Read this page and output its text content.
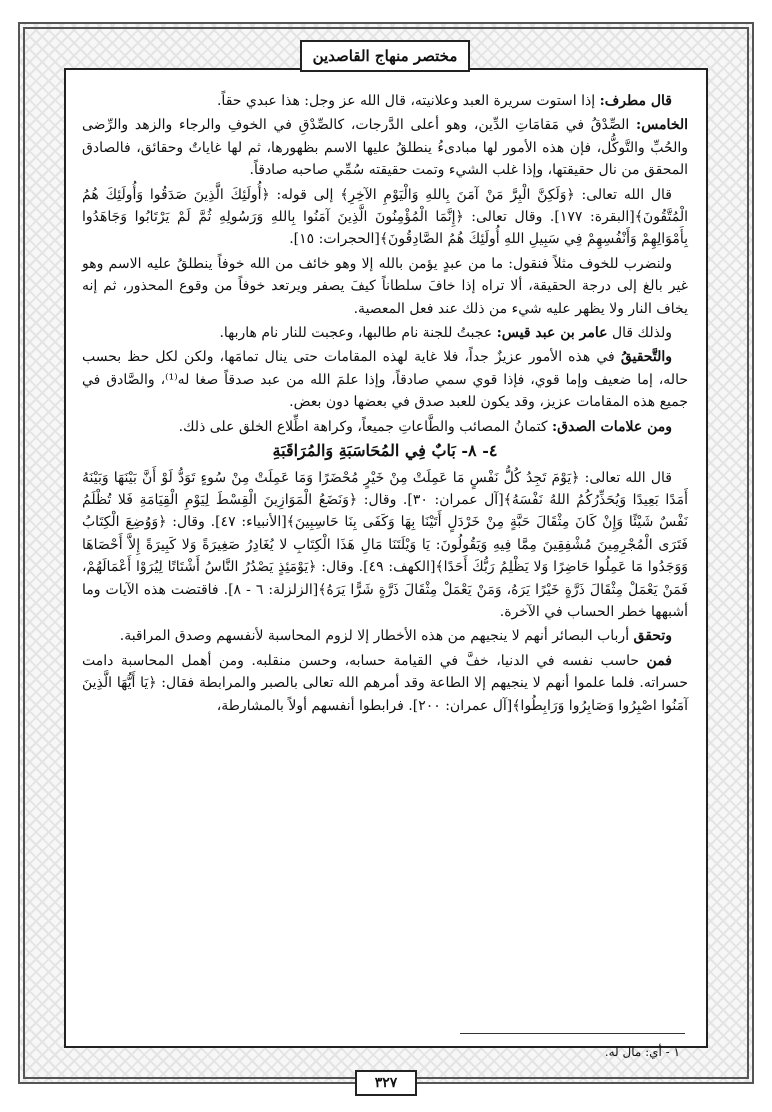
مختصر منهاج القاصدين

قال مطرف: إذا استوت سريرة العبد وعلانيته، قال الله عز وجل: هذا عبدي حقاً.

الخامس: الصِّدْقُ في مَقامَاتِ الدِّين، وهو أعلى الدَّرجات، كالصِّدْقِ في الخوفِ والرجاء والزهد والرِّضى والحُبِّ والتَّوكُّل، فإن هذه الأمور لها مبادىءُ ينطلقُ عليها الاسم بظهورها، ثم لها غاياتٌ وحقائق، فالصادق المحقق من نال حقيقتها، وإذا غلب الشيء وتمت حقيقته سُمِّي صاحبه صادقاً.

قال الله تعالى: ﴿وَلَكِنَّ الْبِرَّ مَنْ آمَنَ بِاللهِ وَالْيَوْمِ الآخِرِ﴾ إلى قوله: ﴿أُولَئِكَ الَّذِينَ صَدَقُوا وَأُولَئِكَ هُمُ الْمُتَّقُونَ﴾[البقرة: ١٧٧]. وقال تعالى: ﴿إِنَّمَا الْمُؤْمِنُونَ الَّذِينَ آمَنُوا بِاللهِ وَرَسُولِهِ ثُمَّ لَمْ يَرْتَابُوا وَجَاهَدُوا بِأَمْوَالِهِمْ وَأَنْفُسِهِمْ فِي سَبِيلِ اللهِ أُولَئِكَ هُمُ الصَّادِقُونَ﴾[الحجرات: ١٥].

ولنضرب للخوف مثلاً فنقول: ما من عبدٍ يؤمن بالله إلا وهو خائف من الله خوفاً ينطلقُ عليه الاسم وهو غير بالغ إلى درجة الحقيقة، ألا تراه إذا خافَ سلطاناً كيفَ يصفر ويرتعد خوفاً من وقوع المحذور، ثم إنه يخاف النار ولا يظهر عليه شيء من ذلك عند فعل المعصية.

ولذلك قال عامر بن عبد قيس: عجبتُ للجنة نام طالبها، وعجبت للنار نام هاربها.

والتَّحقيقُ في هذه الأمور عزيزٌ جداً، فلا غاية لهذه المقامات حتى ينال تمامَها، ولكن لكل حظ بحسب حاله، إما ضعيف وإما قوي، فإذا قوي سمي صادقاً، وإذا علمَ الله من عبد صدقاً صغا له⁽¹⁾، والصَّادق في جميع هذه المقامات عزيز، وقد يكون للعبد صدق في بعضها دون بعض.

ومن علامات الصدق: كتمانُ المصائب والطَّاعاتِ جميعاً، وكراهة اطِّلاع الخلق على ذلك.

٤- ٨- بَابٌ فِي المُحَاسَبَةِ وَالمُرَاقَبَةِ

قال الله تعالى: ﴿يَوْمَ تَجِدُ كُلُّ نَفْسٍ مَا عَمِلَتْ مِنْ خَيْرٍ مُحْضَرًا وَمَا عَمِلَتْ مِنْ سُوءٍ تَوَدُّ لَوْ أَنَّ بَيْنَهَا وَبَيْنَهُ أَمَدًا بَعِيدًا وَيُحَذِّرُكُمُ اللهُ نَفْسَهُ﴾[آل عمران: ٣٠]. وقال: ﴿وَنَضَعُ الْمَوَازِينَ الْقِسْطَ لِيَوْمِ الْقِيَامَةِ فَلا تُظْلَمُ نَفْسٌ شَيْئًا وَإِنْ كَانَ مِثْقَالَ حَبَّةٍ مِنْ خَرْدَلٍ أَتَيْنَا بِهَا وَكَفَى بِنَا حَاسِبِينَ﴾[الأنبياء: ٤٧]. وقال: ﴿وَوُضِعَ الْكِتَابُ فَتَرَى الْمُجْرِمِينَ مُشْفِقِينَ مِمَّا فِيهِ وَيَقُولُونَ: يَا وَيْلَتَنَا مَالِ هَذَا الْكِتَابِ لا يُغَادِرُ صَغِيرَةً وَلا كَبِيرَةً إِلاَّ أَحْصَاهَا وَوَجَدُوا مَا عَمِلُوا حَاضِرًا وَلا يَظْلِمُ رَبُّكَ أَحَدًا﴾[الكهف: ٤٩]. وقال: ﴿يَوْمَئِذٍ يَصْدُرُ النَّاسُ أَشْتَاتًا لِيُرَوْا أَعْمَالَهُمْ، فَمَنْ يَعْمَلْ مِثْقَالَ ذَرَّةٍ خَيْرًا يَرَهُ، وَمَنْ يَعْمَلْ مِثْقَالَ ذَرَّةٍ شَرًّا يَرَهُ﴾[الزلزلة: ٦ - ٨]. فاقتضت هذه الآيات وما أشبهها خطر الحساب في الآخرة.

وتحقق أرباب البصائر أنهم لا ينجيهم من هذه الأخطار إلا لزوم المحاسبة لأنفسهم وصدق المراقبة.

فمن حاسب نفسه في الدنيا، خفَّ في القيامة حسابه، وحسن منقلبه. ومن أهمل المحاسبة دامت حسراته. فلما علموا أنهم لا ينجيهم إلا الطاعة وقد أمرهم الله تعالى بالصبر والمرابطة فقال: ﴿يَا أَيُّهَا الَّذِينَ آمَنُوا اصْبِرُوا وَصَابِرُوا وَرَابِطُوا﴾[آل عمران: ٢٠٠]. فرابطوا أنفسهم أولاً بالمشارطة،

١ - أي: مال له.
٣٢٧
